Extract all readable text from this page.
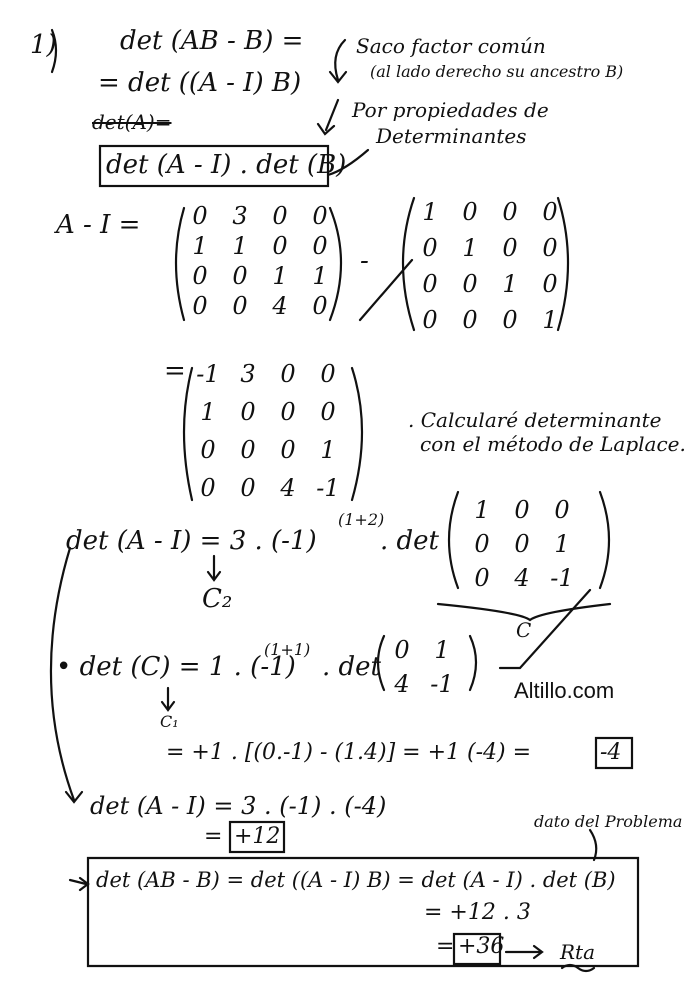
1) det (AB - B) =	Saco factor común
(al lado derecho su ancestro B)
= det ((A - I) B)
det(A)=	Por propiedades de
Determinantes
det (A - I) . det (B)
A - I =	0	3	0	0
1	1	0	0
0	0	1	1
0	0	4	0
-
1	0	0	0
0	1	0	0
0	0	1	0
0	0	0	1
= -1 3	0	0
1	0	0	0
0	0	0	1
0	0	4 -1
. Calcularé determinante
con el método de Laplace.
det (A - I) = 3 . (-1)
(1+2)
. det
1	0	0
0	0	1
0	4 -1
C₂
C
• det (C) = 1 . (-1)
(1+1)
. det
0	1
4 -1
C₁
Altillo.com
= +1 . [(0.-1) - (1.4)] = +1 (-4) =	-4
det (A - I) = 3 . (-1) . (-4)
= +12
dato del Problema
det (AB - B) = det ((A - I) B) = det (A - I) . det (B)
= +12 . 3
= +36	Rta
